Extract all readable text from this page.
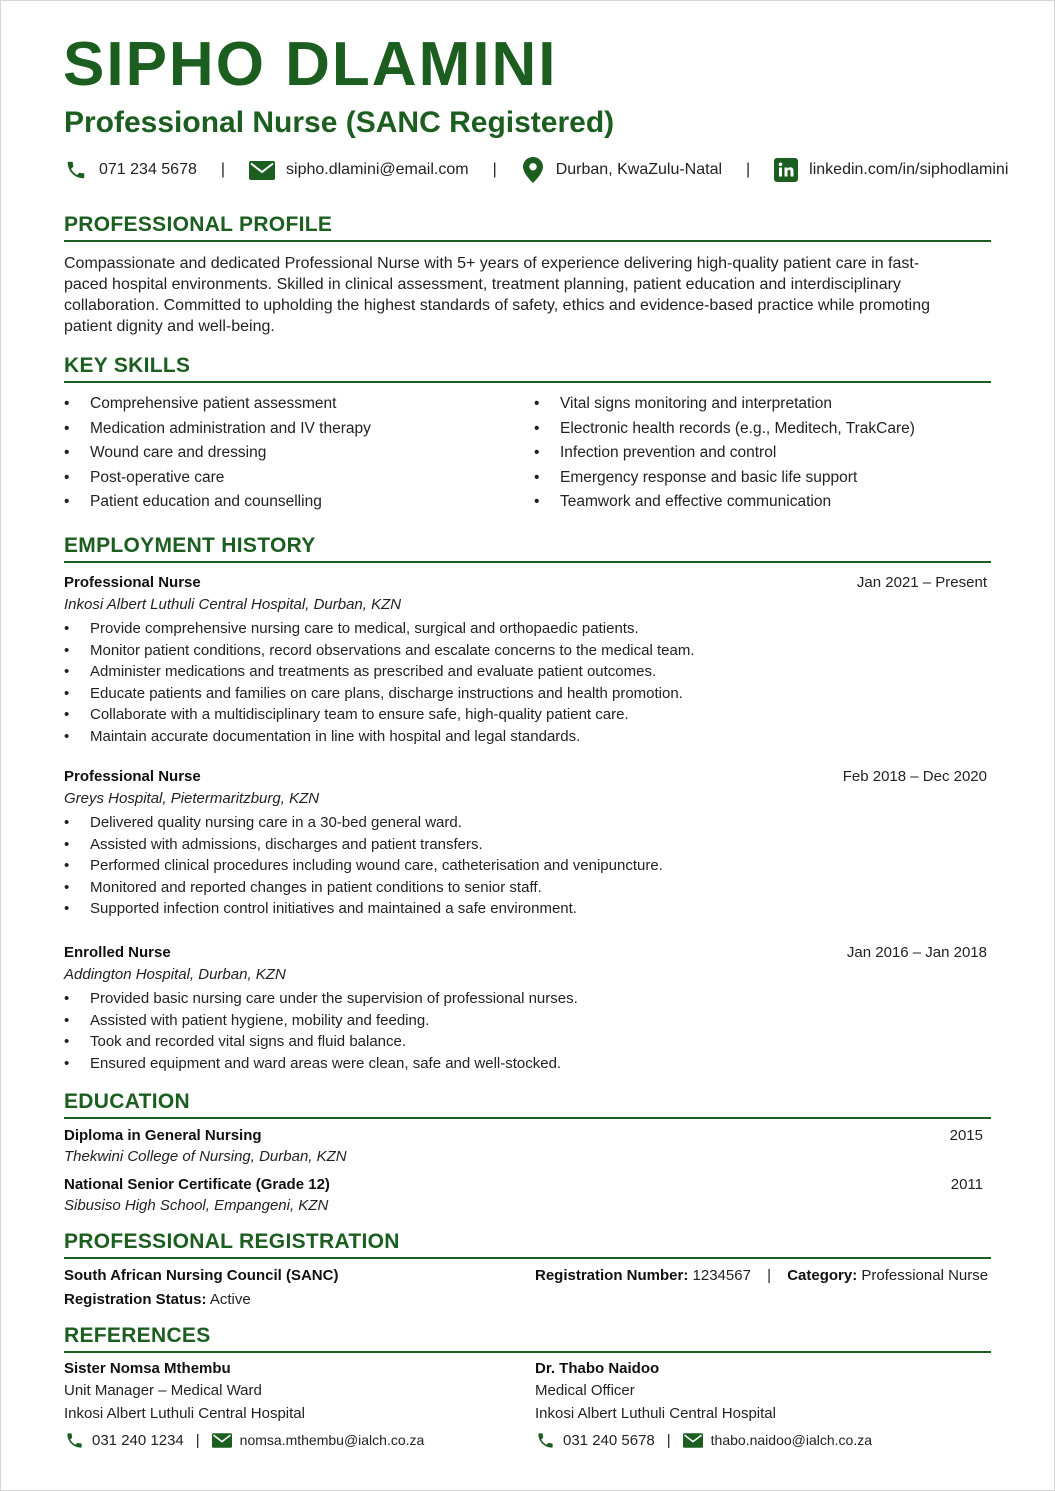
SIPHO DLAMINI
Professional Nurse (SANC Registered)
071 234 5678 |	sipho.dlamini@email.com |	Durban, KwaZulu-Natal |	linkedin.com/in/siphodlamini
PROFESSIONAL PROFILE

Compassionate and dedicated Professional Nurse with 5+ years of experience delivering high-quality patient care in fast-paced hospital environments. Skilled in clinical assessment, treatment planning, patient education and interdisciplinary collaboration. Committed to upholding the highest standards of safety, ethics and evidence-based practice while promoting patient dignity and well-being.

KEY SKILLS
• Comprehensive patient assessment
• Medication administration and IV therapy
• Wound care and dressing
• Post-operative care
• Patient education and counselling
• Vital signs monitoring and interpretation
• Electronic health records (e.g., Meditech, TrakCare)
• Infection prevention and control
• Emergency response and basic life support
• Teamwork and effective communication
EMPLOYMENT HISTORY
Professional Nurse	Jan 2021 – Present
Inkosi Albert Luthuli Central Hospital, Durban, KZN
• Provide comprehensive nursing care to medical, surgical and orthopaedic patients.
• Monitor patient conditions, record observations and escalate concerns to the medical team.
• Administer medications and treatments as prescribed and evaluate patient outcomes.
• Educate patients and families on care plans, discharge instructions and health promotion.
• Collaborate with a multidisciplinary team to ensure safe, high-quality patient care.
• Maintain accurate documentation in line with hospital and legal standards.
Professional Nurse	Feb 2018 – Dec 2020
Greys Hospital, Pietermaritzburg, KZN
• Delivered quality nursing care in a 30-bed general ward.
• Assisted with admissions, discharges and patient transfers.
• Performed clinical procedures including wound care, catheterisation and venipuncture.
• Monitored and reported changes in patient conditions to senior staff.
• Supported infection control initiatives and maintained a safe environment.
Enrolled Nurse	Jan 2016 – Jan 2018
Addington Hospital, Durban, KZN
• Provided basic nursing care under the supervision of professional nurses.
• Assisted with patient hygiene, mobility and feeding.
• Took and recorded vital signs and fluid balance.
• Ensured equipment and ward areas were clean, safe and well-stocked.
EDUCATION
Diploma in General Nursing	2015
Thekwini College of Nursing, Durban, KZN
National Senior Certificate (Grade 12)	2011
Sibusiso High School, Empangeni, KZN
PROFESSIONAL REGISTRATION
South African Nursing Council (SANC)	Registration Number: 1234567 | Category: Professional Nurse
Registration Status: Active
REFERENCES
Sister Nomsa Mthembu
Unit Manager – Medical Ward
Inkosi Albert Luthuli Central Hospital
031 240 1234 |	nomsa.mthembu@ialch.co.za
Dr. Thabo Naidoo
Medical Officer
Inkosi Albert Luthuli Central Hospital
031 240 5678 |	thabo.naidoo@ialch.co.za
